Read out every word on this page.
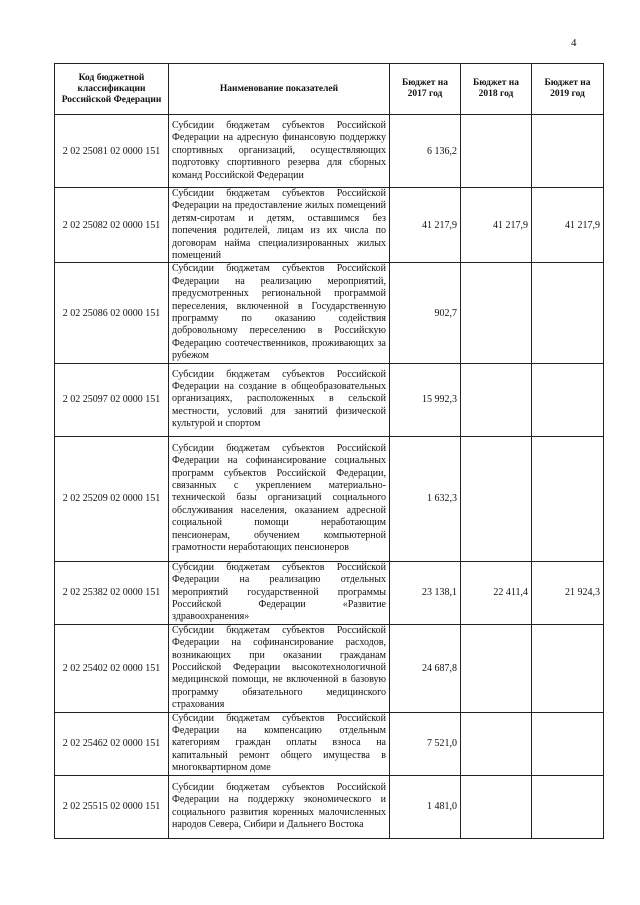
4
Код бюджетной классификации Российской Федерации	Наименование показателей	Бюджет на 2017 год	Бюджет на 2018 год	Бюджет на 2019 год
2 02 25081 02 0000 151	Субсидии бюджетам субъектов Российской Федерации на адресную финансовую поддержку спортивных организаций, осуществляющих подготовку спортивного резерва для сборных команд Российской Федерации	6 136,2		
2 02 25082 02 0000 151	Субсидии бюджетам субъектов Российской Федерации на предоставление жилых помещений детям-сиротам и детям, оставшимся без попечения родителей, лицам из их числа по договорам найма специализированных жилых помещений	41 217,9	41 217,9	41 217,9
2 02 25086 02 0000 151	Субсидии бюджетам субъектов Российской Федерации на реализацию мероприятий, предусмотренных региональной программой переселения, включенной в Государственную программу по оказанию содействия добровольному переселению в Российскую Федерацию соотечественников, проживающих за рубежом	902,7		
2 02 25097 02 0000 151	Субсидии бюджетам субъектов Российской Федерации на создание в общеобразовательных организациях, расположенных в сельской местности, условий для занятий физической культурой и спортом	15 992,3		
2 02 25209 02 0000 151	Субсидии бюджетам субъектов Российской Федерации на софинансирование социальных программ субъектов Российской Федерации, связанных с укреплением материально-технической базы организаций социального обслуживания населения, оказанием адресной социальной помощи неработающим пенсионерам, обучением компьютерной грамотности неработающих пенсионеров	1 632,3		
2 02 25382 02 0000 151	Субсидии бюджетам субъектов Российской Федерации на реализацию отдельных мероприятий государственной программы Российской Федерации «Развитие здравоохранения»	23 138,1	22 411,4	21 924,3
2 02 25402 02 0000 151	Субсидии бюджетам субъектов Российской Федерации на софинансирование расходов, возникающих при оказании гражданам Российской Федерации высокотехнологичной медицинской помощи, не включенной в базовую программу обязательного медицинского страхования	24 687,8		
2 02 25462 02 0000 151	Субсидии бюджетам субъектов Российской Федерации на компенсацию отдельным категориям граждан оплаты взноса на капитальный ремонт общего имущества в многоквартирном доме	7 521,0		
2 02 25515 02 0000 151	Субсидии бюджетам субъектов Российской Федерации на поддержку экономического и социального развития коренных малочисленных народов Севера, Сибири и Дальнего Востока	1 481,0		
